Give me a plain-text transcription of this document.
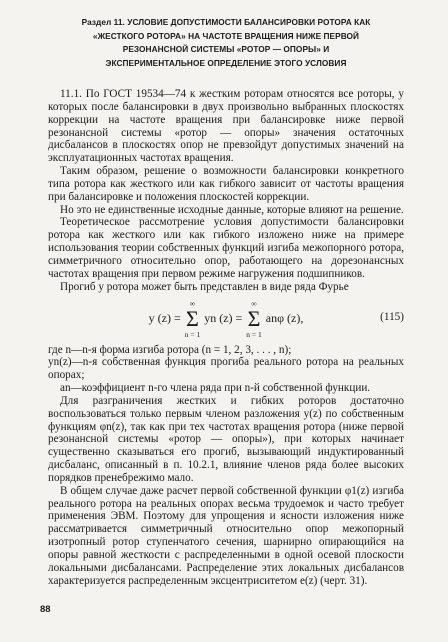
Раздел 11. УСЛОВИЕ ДОПУСТИМОСТИ БАЛАНСИРОВКИ РОТОРА КАК
«ЖЕСТКОГО РОТОРА» НА ЧАСТОТЕ ВРАЩЕНИЯ НИЖЕ ПЕРВОЙ
РЕЗОНАНСНОЙ СИСТЕМЫ «РОТОР — ОПОРЫ» И
ЭКСПЕРИМЕНТАЛЬНОЕ ОПРЕДЕЛЕНИЕ ЭТОГО УСЛОВИЯ

11.1. По ГОСТ 19534—74 к жестким роторам относятся все роторы, у которых после балансировки в двух произвольно выбранных плоскостях коррекции на частоте вращения при балансировке ниже первой резонансной системы «ротор — опоры» значения остаточных дисбалансов в плоскостях опор не превзойдут допустимых значений на эксплуатационных частотах вращения.

Таким образом, решение о возможности балансировки конкретного типа ротора как жесткого или как гибкого зависит от частоты вращения при балансировке и положения плоскостей коррекции.

Но это не единственные исходные данные, которые влияют на решение.

Теоретическое рассмотрение условия допустимости балансировки ротора как жесткого или как гибкого изложено ниже на примере использования теории собственных функций изгиба межопорного ротора, симметричного относительно опор, работающего на дорезонансных частотах вращения при первом режиме нагружения подшипников.

Прогиб y ротора может быть представлен в виде ряда Фурье

y (z) =
∞
Σ
n = 1
yn (z) =
∞
Σ
n = 1
anφ (z),	(115)

где n—n-я форма изгиба ротора (n = 1, 2, 3, . . . , n);

yn(z)—n-я собственная функция прогиба реального ротора на реальных опорах;

an—коэффициент n-го члена ряда при n-й собственной функции.

Для разграничения жестких и гибких роторов достаточно воспользоваться только первым членом разложения y(z) по собственным функциям φn(z), так как при тех частотах вращения ротора (ниже первой резонансной системы «ротор — опоры»), при которых начинает существенно сказываться его прогиб, вызывающий индуктированный дисбаланс, описанный в п. 10.2.1, влияние членов ряда более высоких порядков пренебрежимо мало.

В общем случае даже расчет первой собственной функции φ1(z) изгиба реального ротора на реальных опорах весьма трудоемок и часто требует применения ЭВМ. Поэтому для упрощения и ясности изложения ниже рассматривается симметричный относительно опор межопорный изотропный ротор ступенчатого сечения, шарнирно опирающийся на опоры равной жесткости с распределенными в одной осевой плоскости локальными дисбалансами. Распределение этих локальных дисбалансов характеризуется распределенным эксцентриситетом e(z) (черт. 31).

88
